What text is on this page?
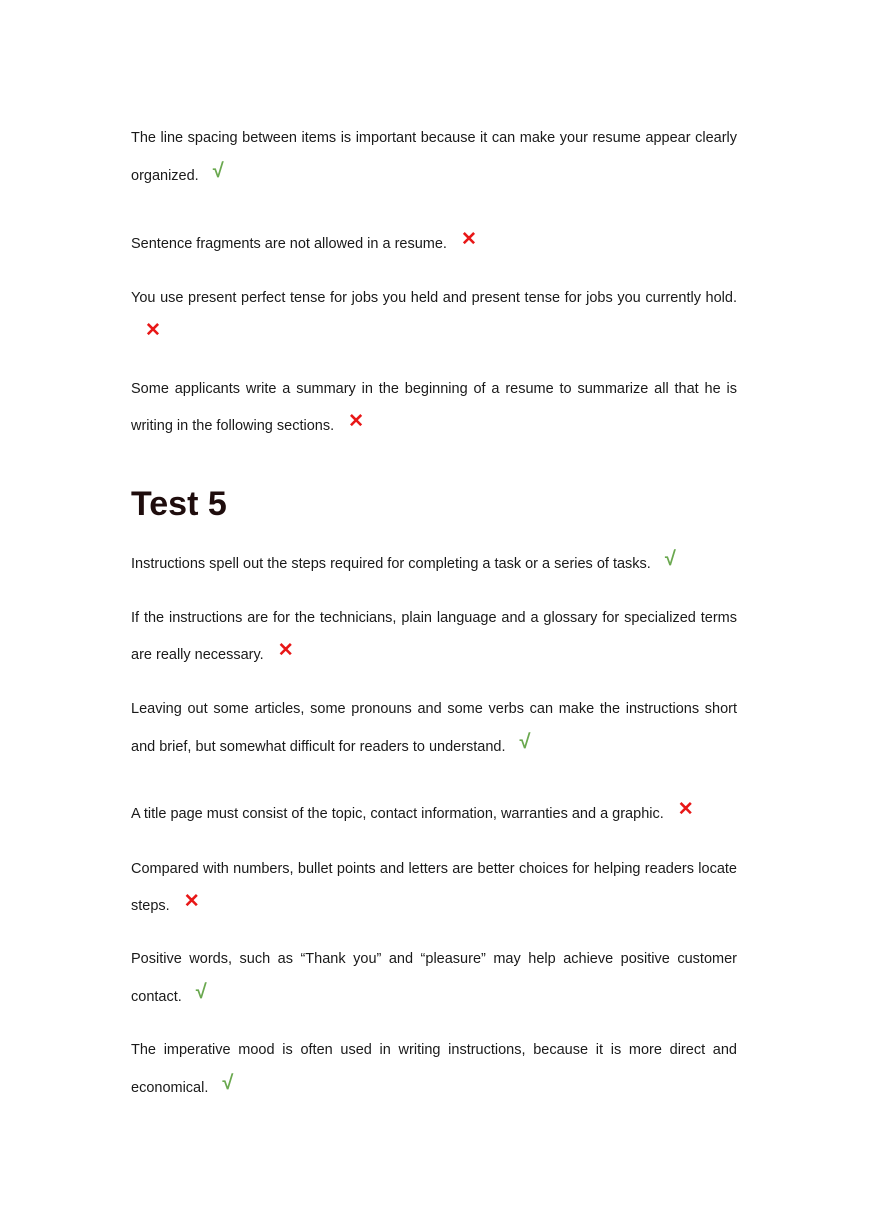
The line spacing between items is important because it can make your resume appear clearly organized. √

Sentence fragments are not allowed in a resume. ✕

You use present perfect tense for jobs you held and present tense for jobs you currently hold.✕

Some applicants write a summary in the beginning of a resume to summarize all that he is writing in the following sections. ✕

Test 5

Instructions spell out the steps required for completing a task or a series of tasks. √

If the instructions are for the technicians, plain language and a glossary for specialized terms are really necessary. ✕

Leaving out some articles, some pronouns and some verbs can make the instructions short and brief, but somewhat difficult for readers to understand. √

A title page must consist of the topic, contact information, warranties and a graphic. ✕

Compared with numbers, bullet points and letters are better choices for helping readers locate steps. ✕

Positive words, such as “Thank you” and “pleasure” may help achieve positive customer contact. √

The imperative mood is often used in writing instructions, because it is more direct and economical. √
